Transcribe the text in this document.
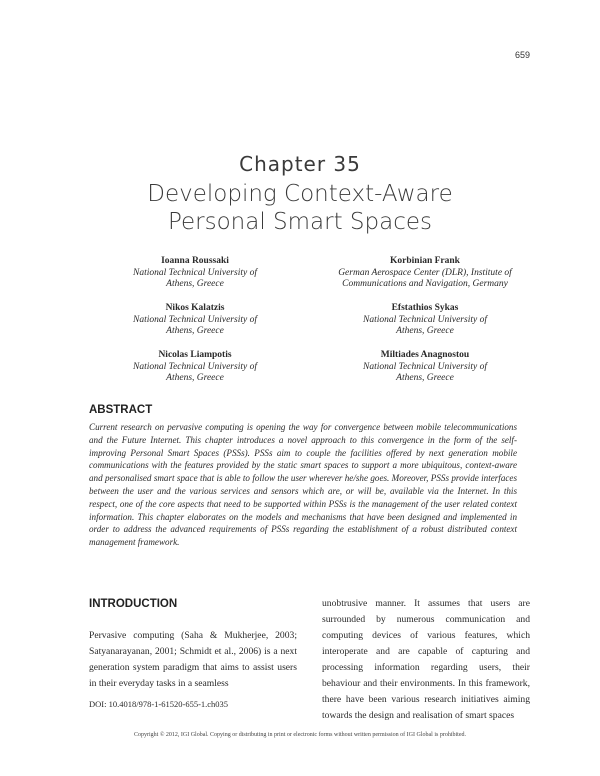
659
Chapter 35
Developing Context-Aware
Personal Smart Spaces
Ioanna Roussaki
National Technical University of
Athens, Greece
Nikos Kalatzis
National Technical University of
Athens, Greece
Nicolas Liampotis
National Technical University of
Athens, Greece
Korbinian Frank
German Aerospace Center (DLR), Institute of
Communications and Navigation, Germany
Efstathios Sykas
National Technical University of
Athens, Greece
Miltiades Anagnostou
National Technical University of
Athens, Greece
ABSTRACT
Current research on pervasive computing is opening the way for convergence between mobile telecommunications and the Future Internet. This chapter introduces a novel approach to this convergence in the form of the self-improving Personal Smart Spaces (PSSs). PSSs aim to couple the facilities offered by next generation mobile communications with the features provided by the static smart spaces to support a more ubiquitous, context-aware and personalised smart space that is able to follow the user wherever he/she goes. Moreover, PSSs provide interfaces between the user and the various services and sensors which are, or will be, available via the Internet. In this respect, one of the core aspects that need to be supported within PSSs is the management of the user related context information. This chapter elaborates on the models and mechanisms that have been designed and implemented in order to address the advanced requirements of PSSs regarding the establishment of a robust distributed context management framework.
INTRODUCTION
Pervasive computing (Saha & Mukherjee, 2003; Satyanarayanan, 2001; Schmidt et al., 2006) is a next generation system paradigm that aims to assist users in their everyday tasks in a seamless
unobtrusive manner. It assumes that users are surrounded by numerous communication and computing devices of various features, which interoperate and are capable of capturing and processing information regarding users, their behaviour and their environments. In this framework, there have been various research initiatives aiming towards the design and realisation of smart spaces
DOI: 10.4018/978-1-61520-655-1.ch035
Copyright © 2012, IGI Global. Copying or distributing in print or electronic forms without written permission of IGI Global is prohibited.
